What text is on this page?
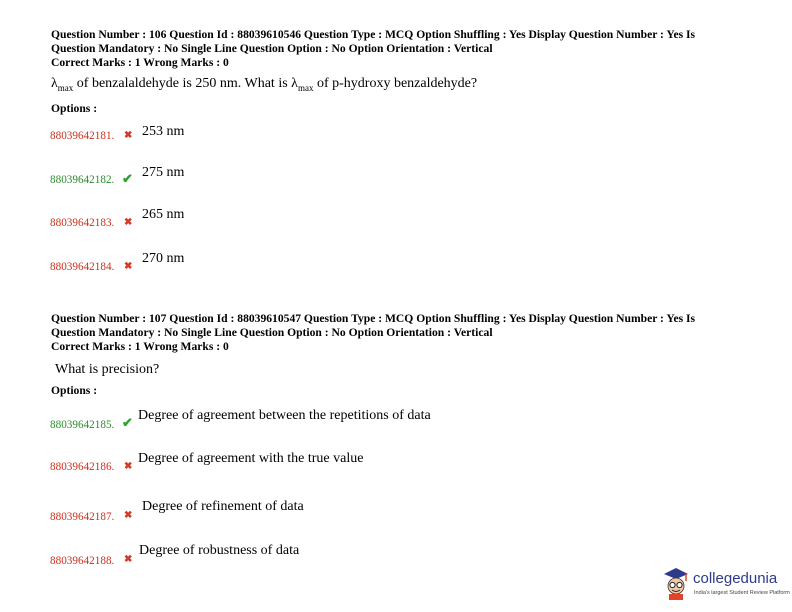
Question Number : 106 Question Id : 88039610546 Question Type : MCQ Option Shuffling : Yes Display Question Number : Yes Is

Question Mandatory : No Single Line Question Option : No Option Orientation : Vertical

Correct Marks : 1 Wrong Marks : 0

$\lambda_{max}$ of benzalaldehyde is 250 nm. What is $\lambda_{max}$ of p-hydroxy benzaldehyde?
Options :
88039642181. ✖ 253 nm
88039642182. ✔ 275 nm
88039642183. ✖
265 nm
88039642184. ✖
270 nm

Question Number : 107 Question Id : 88039610547 Question Type : MCQ Option Shuffling : Yes Display Question Number : Yes Is

Question Mandatory : No Single Line Question Option : No Option Orientation : Vertical

Correct Marks : 1 Wrong Marks : 0

What is precision?
Options :
88039642185. ✔ Degree of agreement between the repetitions of data
88039642186. ✖
Degree of agreement with the true value
88039642187. ✖
Degree of refinement of data
88039642188. ✖
Degree of robustness of data
collegedunia
India's largest Student Review Platform
